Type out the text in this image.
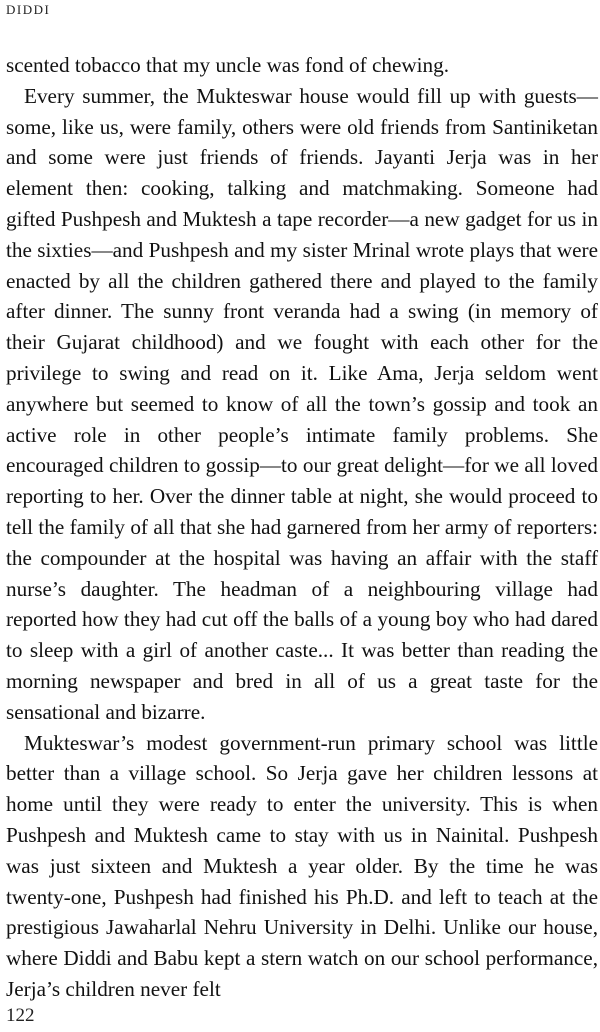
DIDDI

scented tobacco that my uncle was fond of chewing.

Every summer, the Mukteswar house would fill up with guests—some, like us, were family, others were old friends from Santiniketan and some were just friends of friends. Jayanti Jerja was in her element then: cooking, talking and matchmaking. Someone had gifted Pushpesh and Muktesh a tape recorder—a new gadget for us in the sixties—and Pushpesh and my sister Mrinal wrote plays that were enacted by all the children gathered there and played to the family after dinner. The sunny front veranda had a swing (in memory of their Gujarat childhood) and we fought with each other for the privilege to swing and read on it. Like Ama, Jerja seldom went anywhere but seemed to know of all the town’s gossip and took an active role in other people’s intimate family problems. She encouraged children to gossip—to our great delight—for we all loved reporting to her. Over the dinner table at night, she would proceed to tell the family of all that she had garnered from her army of reporters: the compounder at the hospital was having an affair with the staff nurse’s daughter. The headman of a neighbouring village had reported how they had cut off the balls of a young boy who had dared to sleep with a girl of another caste... It was better than reading the morning newspaper and bred in all of us a great taste for the sensational and bizarre.

Mukteswar’s modest government-run primary school was little better than a village school. So Jerja gave her children lessons at home until they were ready to enter the university. This is when Pushpesh and Muktesh came to stay with us in Nainital. Pushpesh was just sixteen and Muktesh a year older. By the time he was twenty-one, Pushpesh had finished his Ph.D. and left to teach at the prestigious Jawaharlal Nehru University in Delhi. Unlike our house, where Diddi and Babu kept a stern watch on our school performance, Jerja’s children never felt

122
